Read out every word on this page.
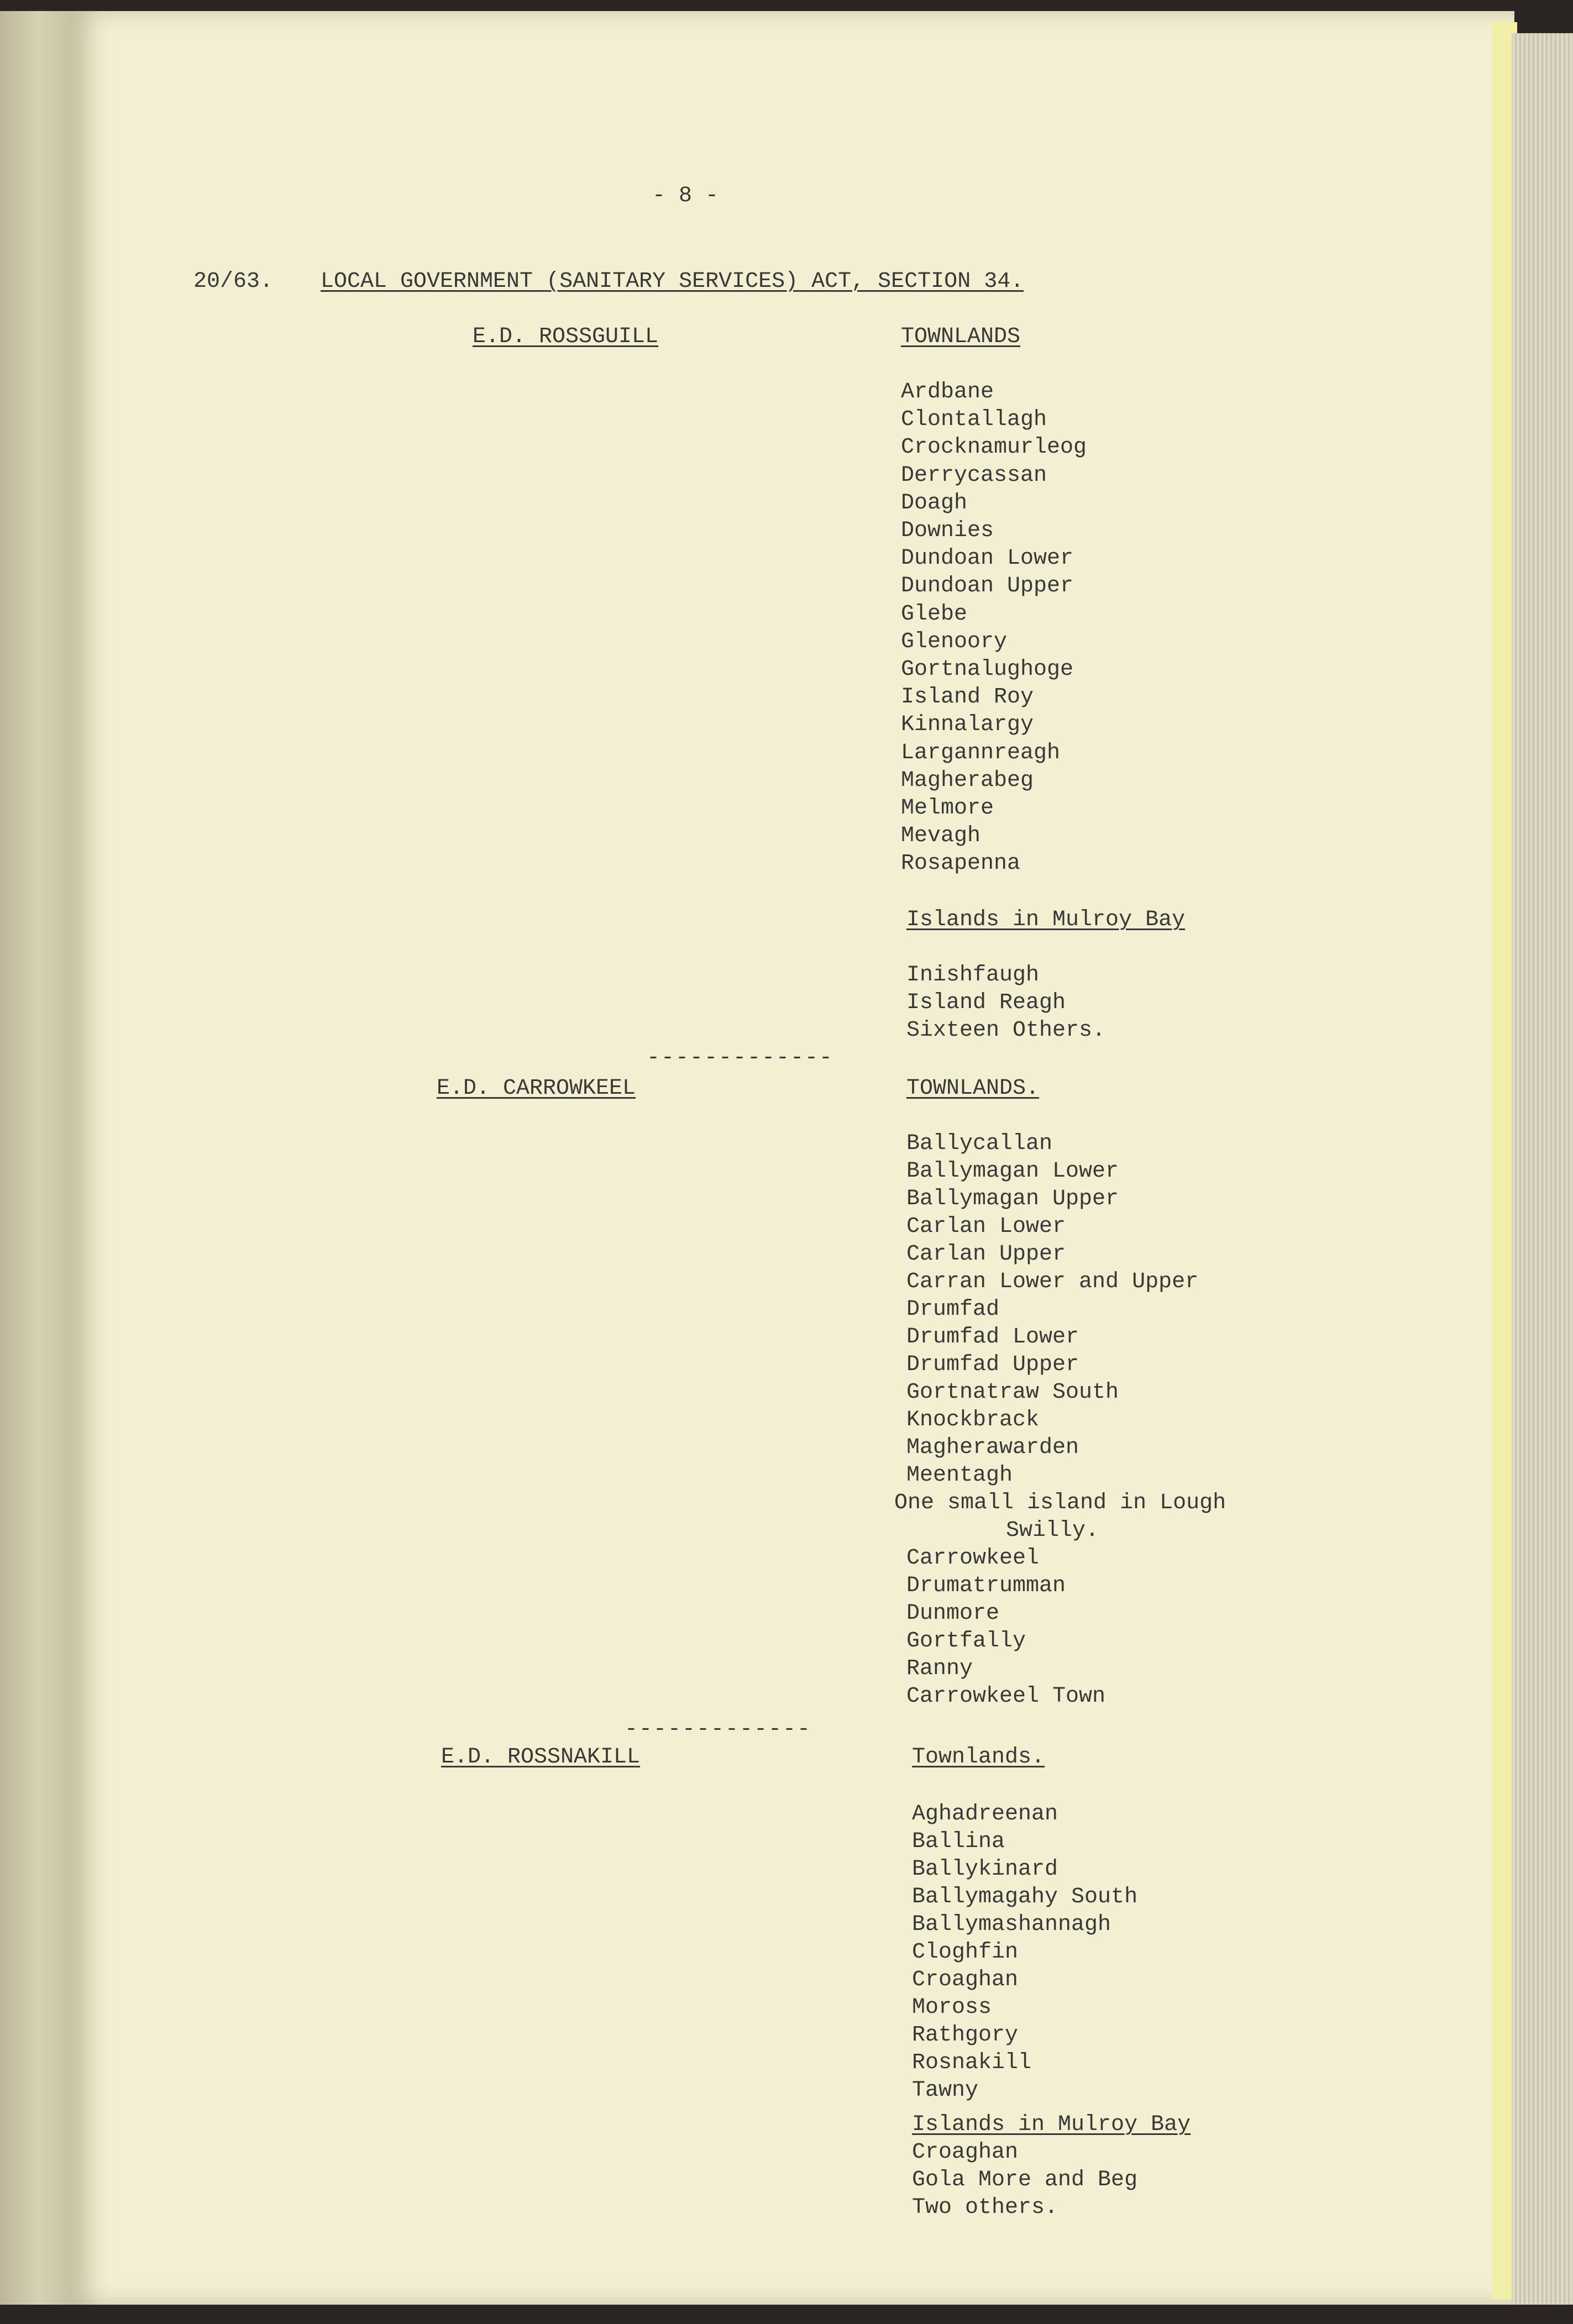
- 8 -
20/63. LOCAL GOVERNMENT (SANITARY SERVICES) ACT, SECTION 34.
E.D. ROSSGUILL	TOWNLANDS
Ardbane
Clontallagh
Crocknamurleog
Derrycassan
Doagh
Downies
Dundoan Lower
Dundoan Upper
Glebe
Glenoory
Gortnalughoge
Island Roy
Kinnalargy
Largannreagh
Magherabeg
Melmore
Mevagh
Rosapenna
Islands in Mulroy Bay
Inishfaugh
Island Reagh
Sixteen Others.
-------------
E.D. CARROWKEEL	TOWNLANDS.
Ballycallan
Ballymagan Lower
Ballymagan Upper
Carlan Lower
Carlan Upper
Carran Lower and Upper
Drumfad
Drumfad Lower
Drumfad Upper
Gortnatraw South
Knockbrack
Magherawarden
Meentagh
One small island in Lough
Swilly.
Carrowkeel
Drumatrumman
Dunmore
Gortfally
Ranny
Carrowkeel Town
-------------
E.D. ROSSNAKILL	Townlands.
Aghadreenan
Ballina
Ballykinard
Ballymagahy South
Ballymashannagh
Cloghfin
Croaghan
Moross
Rathgory
Rosnakill
Tawny
Islands in Mulroy Bay
Croaghan
Gola More and Beg
Two others.
